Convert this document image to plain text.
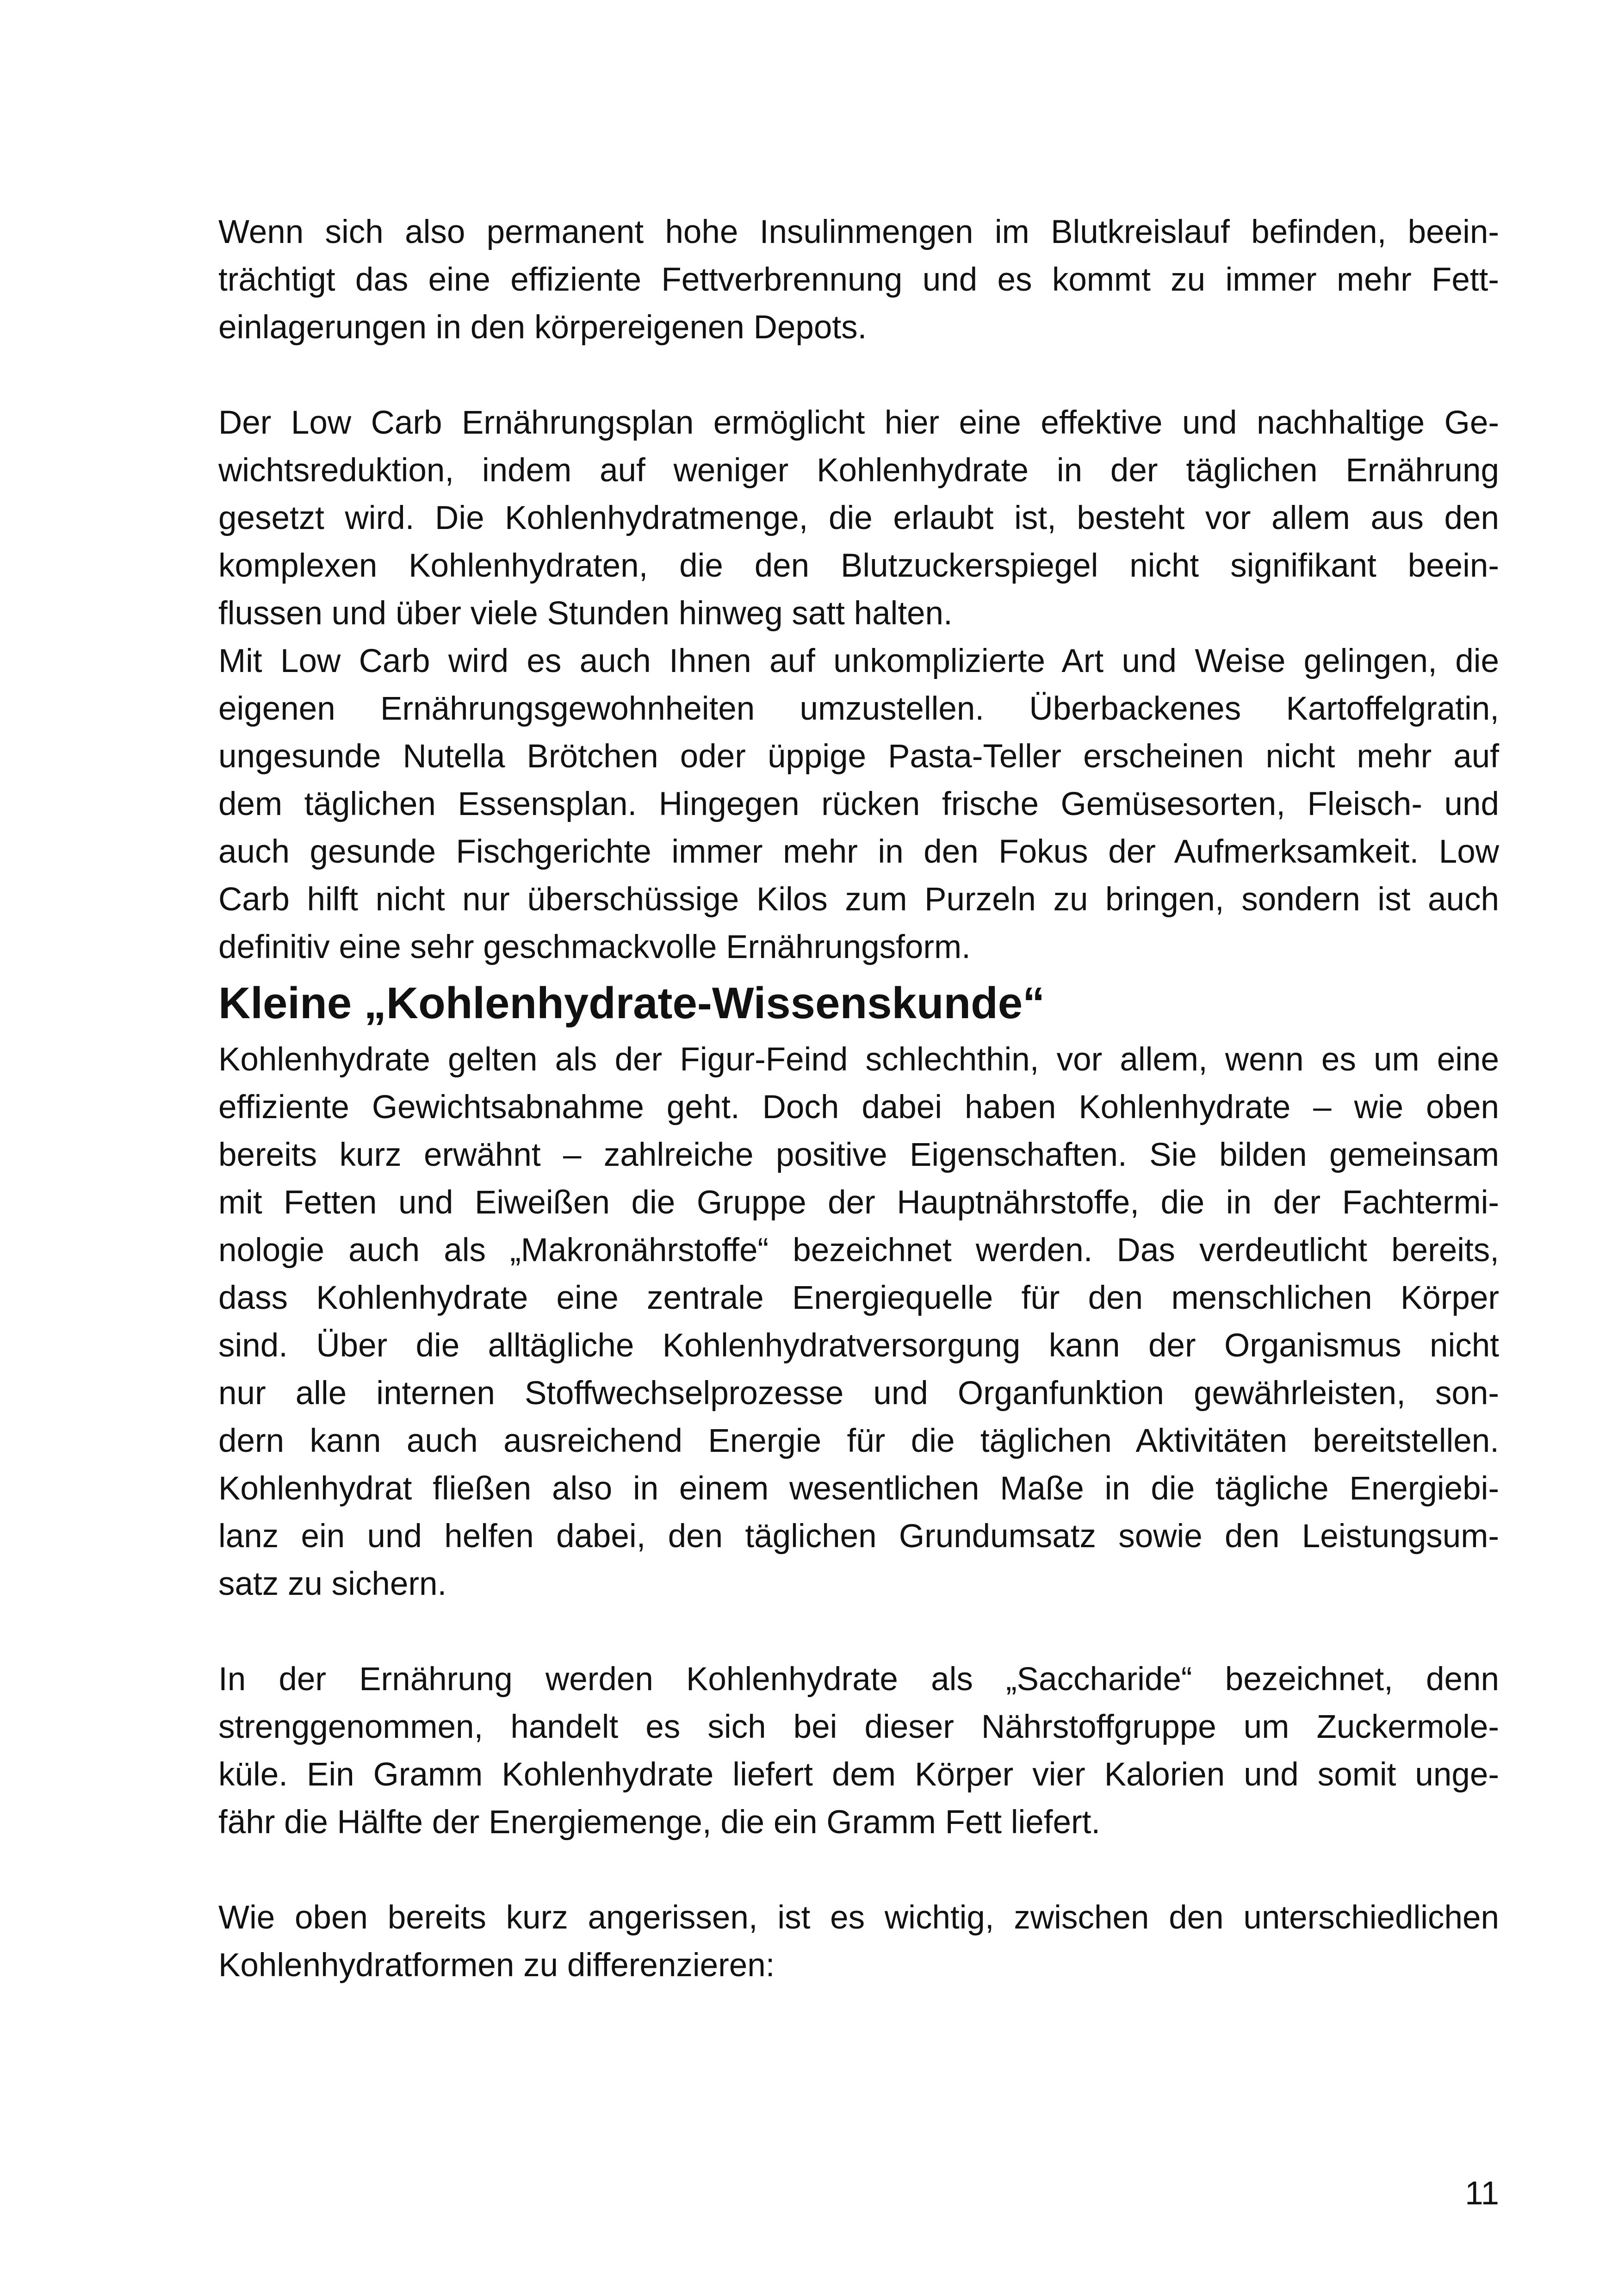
Wenn sich also permanent hohe Insulinmengen im Blutkreislauf befinden, beein-
trächtigt das eine effiziente Fettverbrennung und es kommt zu immer mehr Fett-
einlagerungen in den körpereigenen Depots.
Der Low Carb Ernährungsplan ermöglicht hier eine effektive und nachhaltige Ge-
wichtsreduktion, indem auf weniger Kohlenhydrate in der täglichen Ernährung
gesetzt wird. Die Kohlenhydratmenge, die erlaubt ist, besteht vor allem aus den
komplexen Kohlenhydraten, die den Blutzuckerspiegel nicht signifikant beein-
flussen und über viele Stunden hinweg satt halten.
Mit Low Carb wird es auch Ihnen auf unkomplizierte Art und Weise gelingen, die
eigenen Ernährungsgewohnheiten umzustellen. Überbackenes Kartoffelgratin,
ungesunde Nutella Brötchen oder üppige Pasta-Teller erscheinen nicht mehr auf
dem täglichen Essensplan. Hingegen rücken frische Gemüsesorten, Fleisch- und
auch gesunde Fischgerichte immer mehr in den Fokus der Aufmerksamkeit. Low
Carb hilft nicht nur überschüssige Kilos zum Purzeln zu bringen, sondern ist auch
definitiv eine sehr geschmackvolle Ernährungsform.
Kleine „Kohlenhydrate-Wissenskunde“
Kohlenhydrate gelten als der Figur-Feind schlechthin, vor allem, wenn es um eine
effiziente Gewichtsabnahme geht. Doch dabei haben Kohlenhydrate – wie oben
bereits kurz erwähnt – zahlreiche positive Eigenschaften. Sie bilden gemeinsam
mit Fetten und Eiweißen die Gruppe der Hauptnährstoffe, die in der Fachtermi-
nologie auch als „Makronährstoffe“ bezeichnet werden. Das verdeutlicht bereits,
dass Kohlenhydrate eine zentrale Energiequelle für den menschlichen Körper
sind. Über die alltägliche Kohlenhydratversorgung kann der Organismus nicht
nur alle internen Stoffwechselprozesse und Organfunktion gewährleisten, son-
dern kann auch ausreichend Energie für die täglichen Aktivitäten bereitstellen.
Kohlenhydrat fließen also in einem wesentlichen Maße in die tägliche Energiebi-
lanz ein und helfen dabei, den täglichen Grundumsatz sowie den Leistungsum-
satz zu sichern.
In der Ernährung werden Kohlenhydrate als „Saccharide“ bezeichnet, denn
strenggenommen, handelt es sich bei dieser Nährstoffgruppe um Zuckermole-
küle. Ein Gramm Kohlenhydrate liefert dem Körper vier Kalorien und somit unge-
fähr die Hälfte der Energiemenge, die ein Gramm Fett liefert.
Wie oben bereits kurz angerissen, ist es wichtig, zwischen den unterschiedlichen
Kohlenhydratformen zu differenzieren:
11
